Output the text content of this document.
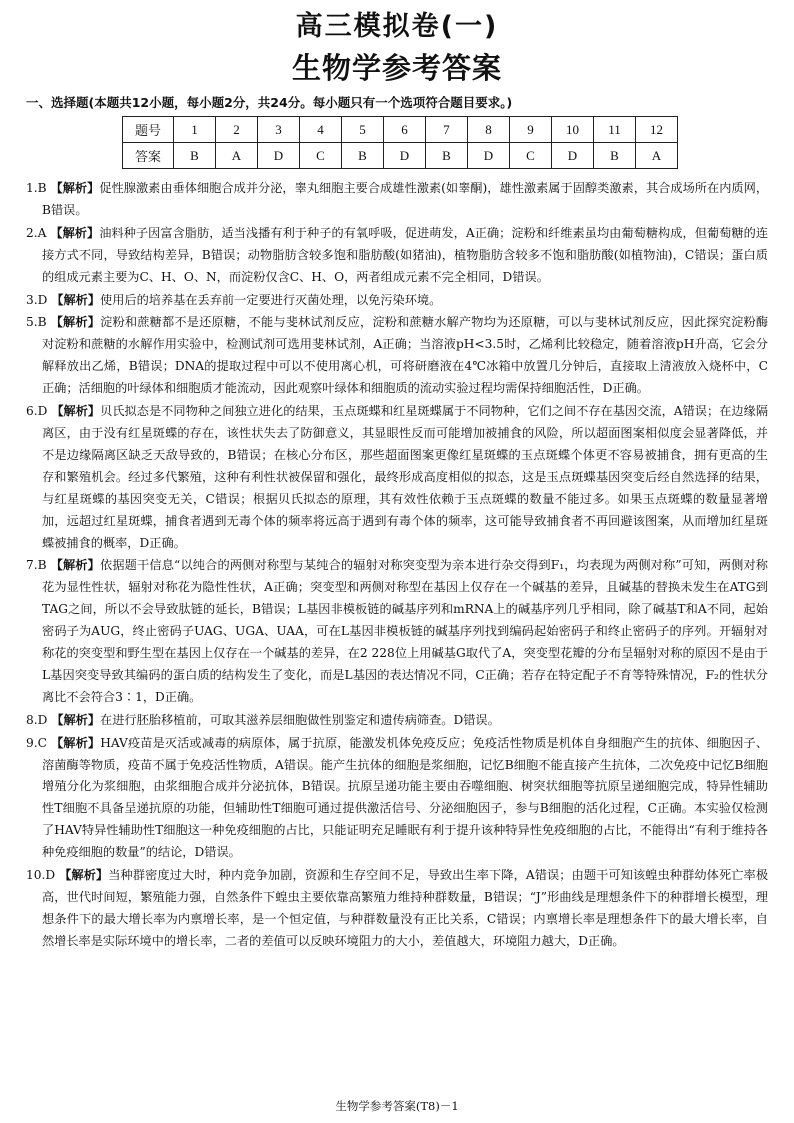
高三模拟卷(一)
生物学参考答案
一、选择题(本题共12小题，每小题2分，共24分。每小题只有一个选项符合题目要求。)
题号	1	2	3	4	5	6	7	8	9	10	11	12
答案	B	A	D	C	B	D	B	D	C	D	B	A
1.B 【解析】促性腺激素由垂体细胞合成并分泌，睾丸细胞主要合成雄性激素(如睾酮)，雄性激素属于固醇类激素，其合成场所在内质网，B错误。
2.A 【解析】油料种子因富含脂肪，适当浅播有利于种子的有氧呼吸，促进萌发，A正确；淀粉和纤维素虽均由葡萄糖构成，但葡萄糖的连接方式不同，导致结构差异，B错误；动物脂肪含较多饱和脂肪酸(如猪油)，植物脂肪含较多不饱和脂肪酸(如植物油)，C错误；蛋白质的组成元素主要为C、H、O、N，而淀粉仅含C、H、O，两者组成元素不完全相同，D错误。
3.D 【解析】使用后的培养基在丢弃前一定要进行灭菌处理，以免污染环境。
5.B 【解析】淀粉和蔗糖都不是还原糖，不能与斐林试剂反应，淀粉和蔗糖水解产物均为还原糖，可以与斐林试剂反应，因此探究淀粉酶对淀粉和蔗糖的水解作用实验中，检测试剂可选用斐林试剂，A正确；当溶液pH<3.5时，乙烯利比较稳定，随着溶液pH升高，它会分解释放出乙烯，B错误；DNA的提取过程中可以不使用离心机，可将研磨液在4℃冰箱中放置几分钟后，直接取上清液放入烧杯中，C正确；活细胞的叶绿体和细胞质才能流动，因此观察叶绿体和细胞质的流动实验过程均需保持细胞活性，D正确。
6.D 【解析】贝氏拟态是不同物种之间独立进化的结果，玉点斑蝶和红星斑蝶属于不同物种，它们之间不存在基因交流，A错误；在边缘隔离区，由于没有红星斑蝶的存在，该性状失去了防御意义，其显眼性反而可能增加被捕食的风险，所以超面图案相似度会显著降低，并不是边缘隔离区缺乏天敌导致的，B错误；在核心分布区，那些超面图案更像红星斑蝶的玉点斑蝶个体更不容易被捕食，拥有更高的生存和繁殖机会。经过多代繁殖，这种有利性状被保留和强化，最终形成高度相似的拟态，这是玉点斑蝶基因突变后经自然选择的结果，与红星斑蝶的基因突变无关，C错误；根据贝氏拟态的原理，其有效性依赖于玉点斑蝶的数量不能过多。如果玉点斑蝶的数量显著增加，远超过红星斑蝶，捕食者遇到无毒个体的频率将远高于遇到有毒个体的频率，这可能导致捕食者不再回避该图案，从而增加红星斑蝶被捕食的概率，D正确。
7.B 【解析】依据题干信息“以纯合的两侧对称型与某纯合的辐射对称突变型为亲本进行杂交得到F₁，均表现为两侧对称”可知，两侧对称花为显性性状，辐射对称花为隐性性状，A正确；突变型和两侧对称型在基因上仅存在一个碱基的差异，且碱基的替换未发生在ATG到TAG之间，所以不会导致肽链的延长，B错误；L基因非模板链的碱基序列和mRNA上的碱基序列几乎相同，除了碱基T和A不同，起始密码子为AUG，终止密码子UAG、UGA、UAA，可在L基因非模板链的碱基序列找到编码起始密码子和终止密码子的序列。开辐射对称花的突变型和野生型在基因上仅存在一个碱基的差异，在2 228位上用碱基G取代了A，突变型花瓣的分布呈辐射对称的原因不是由于L基因突变导致其编码的蛋白质的结构发生了变化，而是L基因的表达情况不同，C正确；若存在特定配子不育等特殊情况，F₂的性状分离比不会符合3∶1，D正确。
8.D 【解析】在进行胚胎移植前，可取其滋养层细胞做性别鉴定和遗传病筛查。D错误。
9.C 【解析】HAV疫苗是灭活或减毒的病原体，属于抗原，能激发机体免疫反应；免疫活性物质是机体自身细胞产生的抗体、细胞因子、溶菌酶等物质，疫苗不属于免疫活性物质，A错误。能产生抗体的细胞是浆细胞，记忆B细胞不能直接产生抗体，二次免疫中记忆B细胞增殖分化为浆细胞，由浆细胞合成并分泌抗体，B错误。抗原呈递功能主要由吞噬细胞、树突状细胞等抗原呈递细胞完成，特异性辅助性T细胞不具备呈递抗原的功能，但辅助性T细胞可通过提供激活信号、分泌细胞因子，参与B细胞的活化过程，C正确。本实验仅检测了HAV特异性辅助性T细胞这一种免疫细胞的占比，只能证明充足睡眠有利于提升该种特异性免疫细胞的占比，不能得出“有利于维持各种免疫细胞的数量”的结论，D错误。
10.D 【解析】当种群密度过大时，种内竞争加剧，资源和生存空间不足，导致出生率下降，A错误；由题干可知该蝗虫种群幼体死亡率极高，世代时间短，繁殖能力强，自然条件下蝗虫主要依靠高繁殖力维持种群数量，B错误；“J”形曲线是理想条件下的种群增长模型，理想条件下的最大增长率为内禀增长率，是一个恒定值，与种群数量没有正比关系，C错误；内禀增长率是理想条件下的最大增长率，自然增长率是实际环境中的增长率，二者的差值可以反映环境阻力的大小，差值越大，环境阻力越大，D正确。
生物学参考答案(T8)－1
